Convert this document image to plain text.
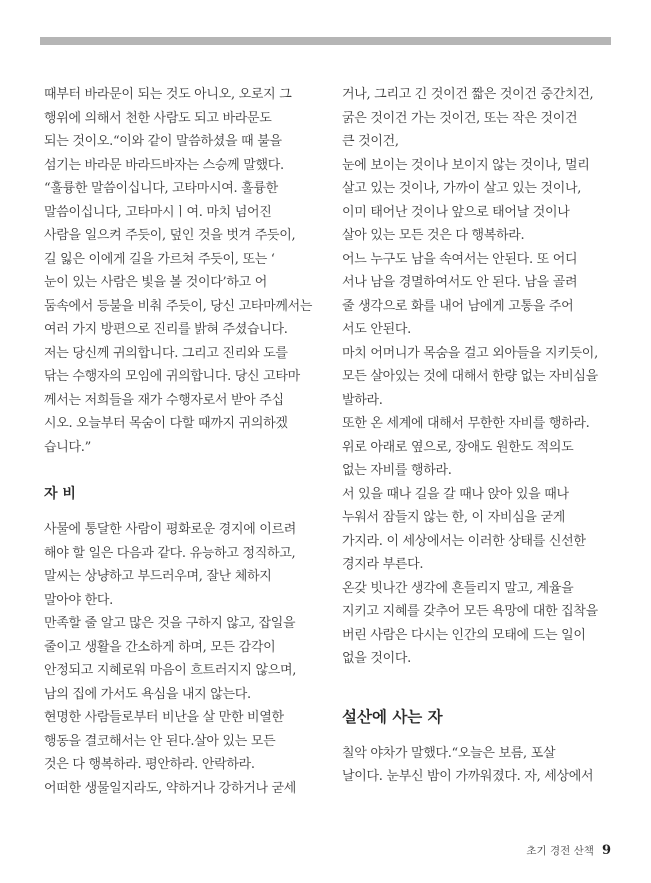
때부터 바라문이 되는 것도 아니오, 오로지 그
행위에 의해서 천한 사람도 되고 바라문도
되는 것이오.“이와 같이 말씀하셨을 때 불을
섬기는 바라문 바라드바자는 스승께 말했다.
“훌륭한 말씀이십니다, 고타마시여. 훌륭한
말씀이십니다, 고타마시ㅣ여. 마치 넘어진
사람을 일으켜 주듯이, 덮인 것을 벗겨 주듯이,
길 잃은 이에게 길을 가르쳐 주듯이, 또는 ‘
눈이 있는 사람은 빛을 볼 것이다’하고 어
둠속에서 등불을 비춰 주듯이, 당신 고타마께서는
여러 가지 방편으로 진리를 밝혀 주셨습니다.
저는 당신께 귀의합니다. 그리고 진리와 도를
닦는 수행자의 모임에 귀의합니다. 당신 고타마
께서는 저희들을 재가 수행자로서 받아 주십
시오. 오늘부터 목숨이 다할 때까지 귀의하겠
습니다.”
자 비
사물에 통달한 사람이 평화로운 경지에 이르려
해야 할 일은 다음과 같다. 유능하고 정직하고,
말씨는 상냥하고 부드러우며, 잘난 체하지
말아야 한다.
만족할 줄 알고 많은 것을 구하지 않고, 잡일을
줄이고 생활을 간소하게 하며, 모든 감각이
안정되고 지혜로워 마음이 흐트러지지 않으며,
남의 집에 가서도 욕심을 내지 않는다.
현명한 사람들로부터 비난을 살 만한 비열한
행동을 결코해서는 안 된다.살아 있는 모든
것은 다 행복하라. 평안하라. 안락하라.
어떠한 생물일지라도, 약하거나 강하거나 굳세
거나, 그리고 긴 것이건 짧은 것이건 중간치건,
굵은 것이건 가는 것이건, 또는 작은 것이건
큰 것이건,
눈에 보이는 것이나 보이지 않는 것이나, 멀리
살고 있는 것이나, 가까이 살고 있는 것이나,
이미 태어난 것이나 앞으로 태어날 것이나
살아 있는 모든 것은 다 행복하라.
어느 누구도 남을 속여서는 안된다. 또 어디
서나 남을 경멸하여서도 안 된다. 남을 골려
줄 생각으로 화를 내어 남에게 고통을 주어
서도 안된다.
마치 어머니가 목숨을 걸고 외아들을 지키듯이,
모든 살아있는 것에 대해서 한량 없는 자비심을
발하라.
또한 온 세계에 대해서 무한한 자비를 행하라.
위로 아래로 옆으로, 장애도 원한도 적의도
없는 자비를 행하라.
서 있을 때나 길을 갈 때나 앉아 있을 때나
누워서 잠들지 않는 한, 이 자비심을 굳게
가지라. 이 세상에서는 이러한 상태를 신선한
경지라 부른다.
온갖 빗나간 생각에 흔들리지 말고, 계율을
지키고 지혜를 갖추어 모든 욕망에 대한 집착을
버린 사람은 다시는 인간의 모태에 드는 일이
없을 것이다.
설산에 사는 자
칠악 야차가 말했다.“오늘은 보름, 포살
날이다. 눈부신 밤이 가까워졌다. 자, 세상에서
초기 경전 산책 9
